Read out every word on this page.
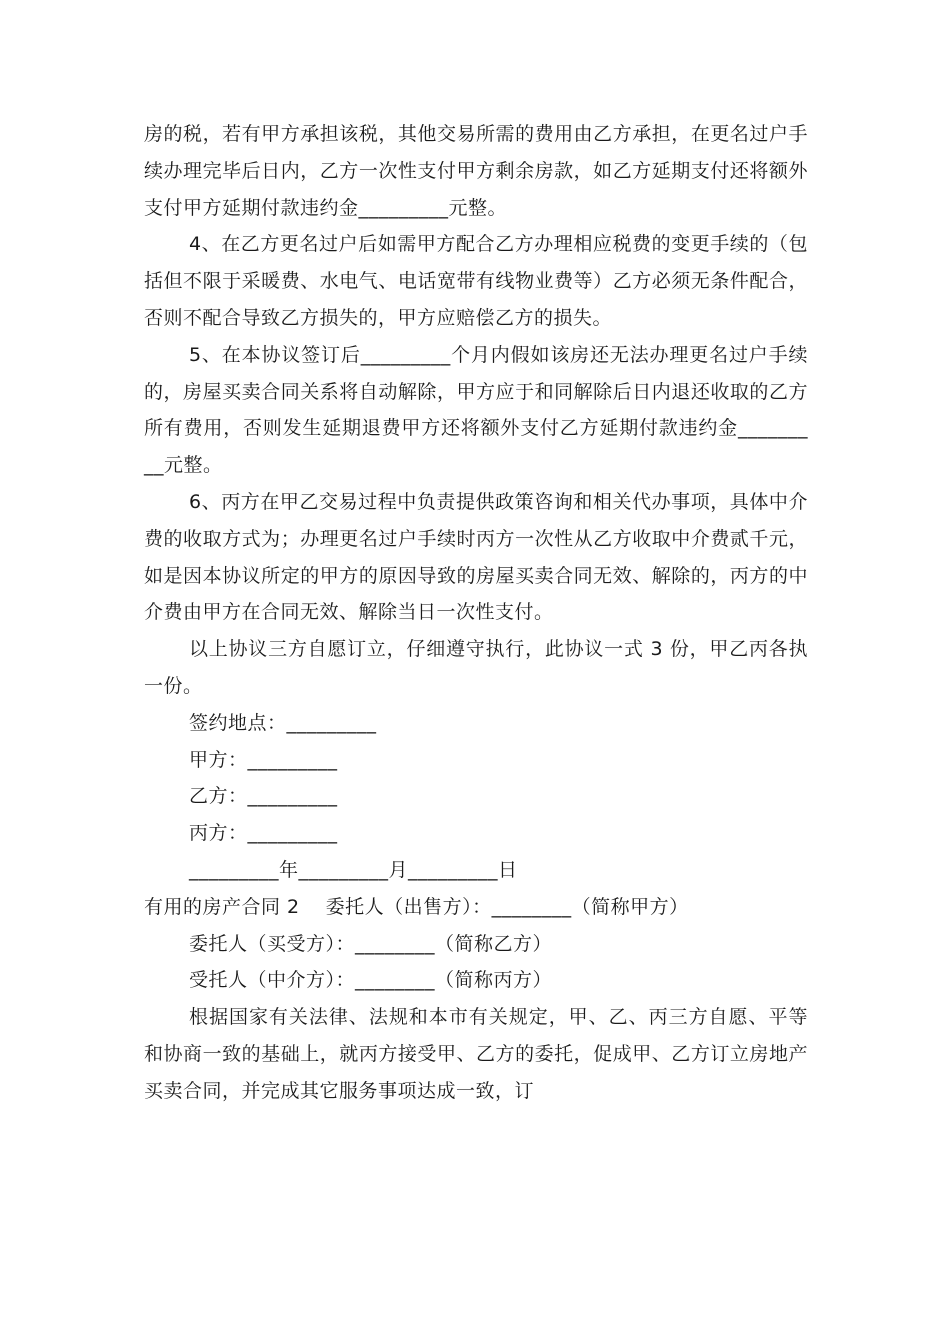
房的税，若有甲方承担该税，其他交易所需的费用由乙方承担，在更名过户手续办理完毕后日内，乙方一次性支付甲方剩余房款，如乙方延期支付还将额外支付甲方延期付款违约金_________元整。

4、在乙方更名过户后如需甲方配合乙方办理相应税费的变更手续的（包括但不限于采暖费、水电气、电话宽带有线物业费等）乙方必须无条件配合，否则不配合导致乙方损失的，甲方应赔偿乙方的损失。

5、在本协议签订后_________个月内假如该房还无法办理更名过户手续的，房屋买卖合同关系将自动解除，甲方应于和同解除后日内退还收取的乙方所有费用，否则发生延期退费甲方还将额外支付乙方延期付款违约金_________元整。

6、丙方在甲乙交易过程中负责提供政策咨询和相关代办事项，具体中介费的收取方式为；办理更名过户手续时丙方一次性从乙方收取中介费贰千元，如是因本协议所定的甲方的原因导致的房屋买卖合同无效、解除的，丙方的中介费由甲方在合同无效、解除当日一次性支付。

以上协议三方自愿订立，仔细遵守执行，此协议一式 3 份，甲乙丙各执一份。

签约地点：_________

甲方：_________

乙方：_________

丙方：_________

_________年_________月_________日

有用的房产合同 2 委托人（出售方）：________（简称甲方）

委托人（买受方）：________（简称乙方）

受托人（中介方）：________（简称丙方）

根据国家有关法律、法规和本市有关规定，甲、乙、丙三方自愿、平等和协商一致的基础上，就丙方接受甲、乙方的委托，促成甲、乙方订立房地产买卖合同，并完成其它服务事项达成一致，订
